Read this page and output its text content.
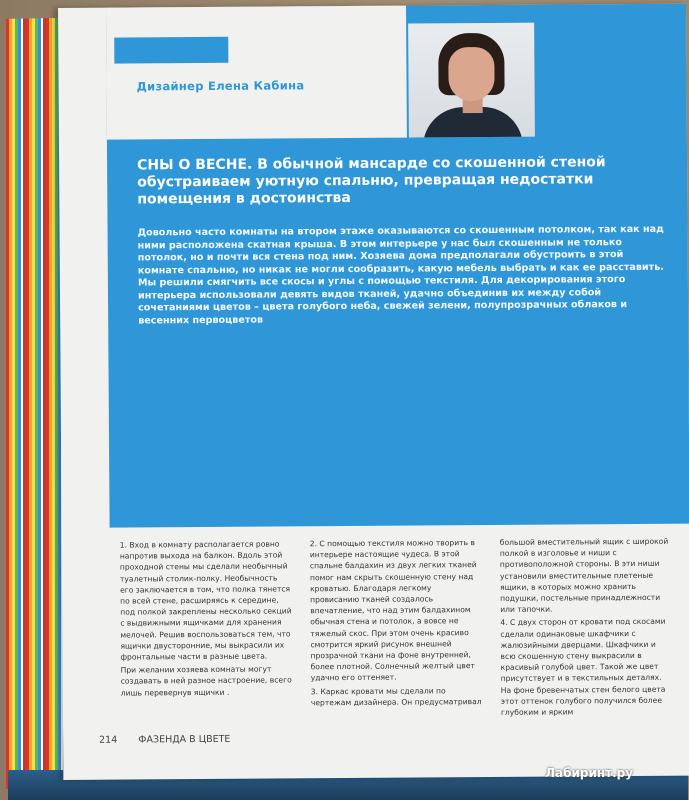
Дизайнер Елена Кабина
СНЫ О ВЕСНЕ. В обычной мансарде со скошенной стеной обустраиваем уютную спальню, превращая недостатки помещения в достоинства
Довольно часто комнаты на втором этаже оказываются со скошенным потолком, так как над ними расположена скатная крыша. В этом интерьере у нас был скошенным не только потолок, но и почти вся стена под ним. Хозяева дома предполагали обустроить в этой комнате спальню, но никак не могли сообразить, какую мебель выбрать и как ее расставить. Мы решили смягчить все скосы и углы с помощью текстиля. Для декорирования этого интерьера использовали девять видов тканей, удачно объединив их между собой сочетаниями цветов – цвета голубого неба, свежей зелени, полупрозрачных облаков и весенних первоцветов

1. Вход в комнату располагается ровно напротив выхода на балкон. Вдоль этой проходной стены мы сделали необычный туалетный столик-полку. Необычность его заключается в том, что полка тянется по всей стене, расширяясь к середине, под полкой закреплены несколько секций с выдвижными ящичками для хранения мелочей. Решив воспользоваться тем, что ящички двусторонние, мы выкрасили их фронтальные части в разные цвета.

При желании хозяева комнаты могут создавать в ней разное настроение, всего лишь перевернув ящички .

2. С помощью текстиля можно творить в интерьере настоящие чудеса. В этой спальне балдахин из двух легких тканей помог нам скрыть скошенную стену над кроватью. Благодаря легкому провисанию тканей создалось впечатление, что над этим балдахином обычная стена и потолок, а вовсе не тяжелый скос. При этом очень красиво смотрится яркий рисунок внешней прозрачной ткани на фоне внутренней, более плотной. Солнечный желтый цвет удачно его оттеняет.

3. Каркас кровати мы сделали по чертежам дизайнера. Он предусматривал

большой вместительный ящик с широкой полкой в изголовье и ниши с противоположной стороны. В эти ниши установили вместительные плетеные ящики, в которых можно хранить подушки, постельные принадлежности или тапочки.

4. С двух сторон от кровати под скосами сделали одинаковые шкафчики с жалюзийными дверцами. Шкафчики и всю скошенную стену выкрасили в красивый голубой цвет. Такой же цвет присутствует и в текстильных деталях. На фоне бревенчатых стен белого цвета этот оттенок голубого получился более глубоким и ярким

214 ФАЗЕНДА В ЦВЕТЕ
Лабиринт.ру
